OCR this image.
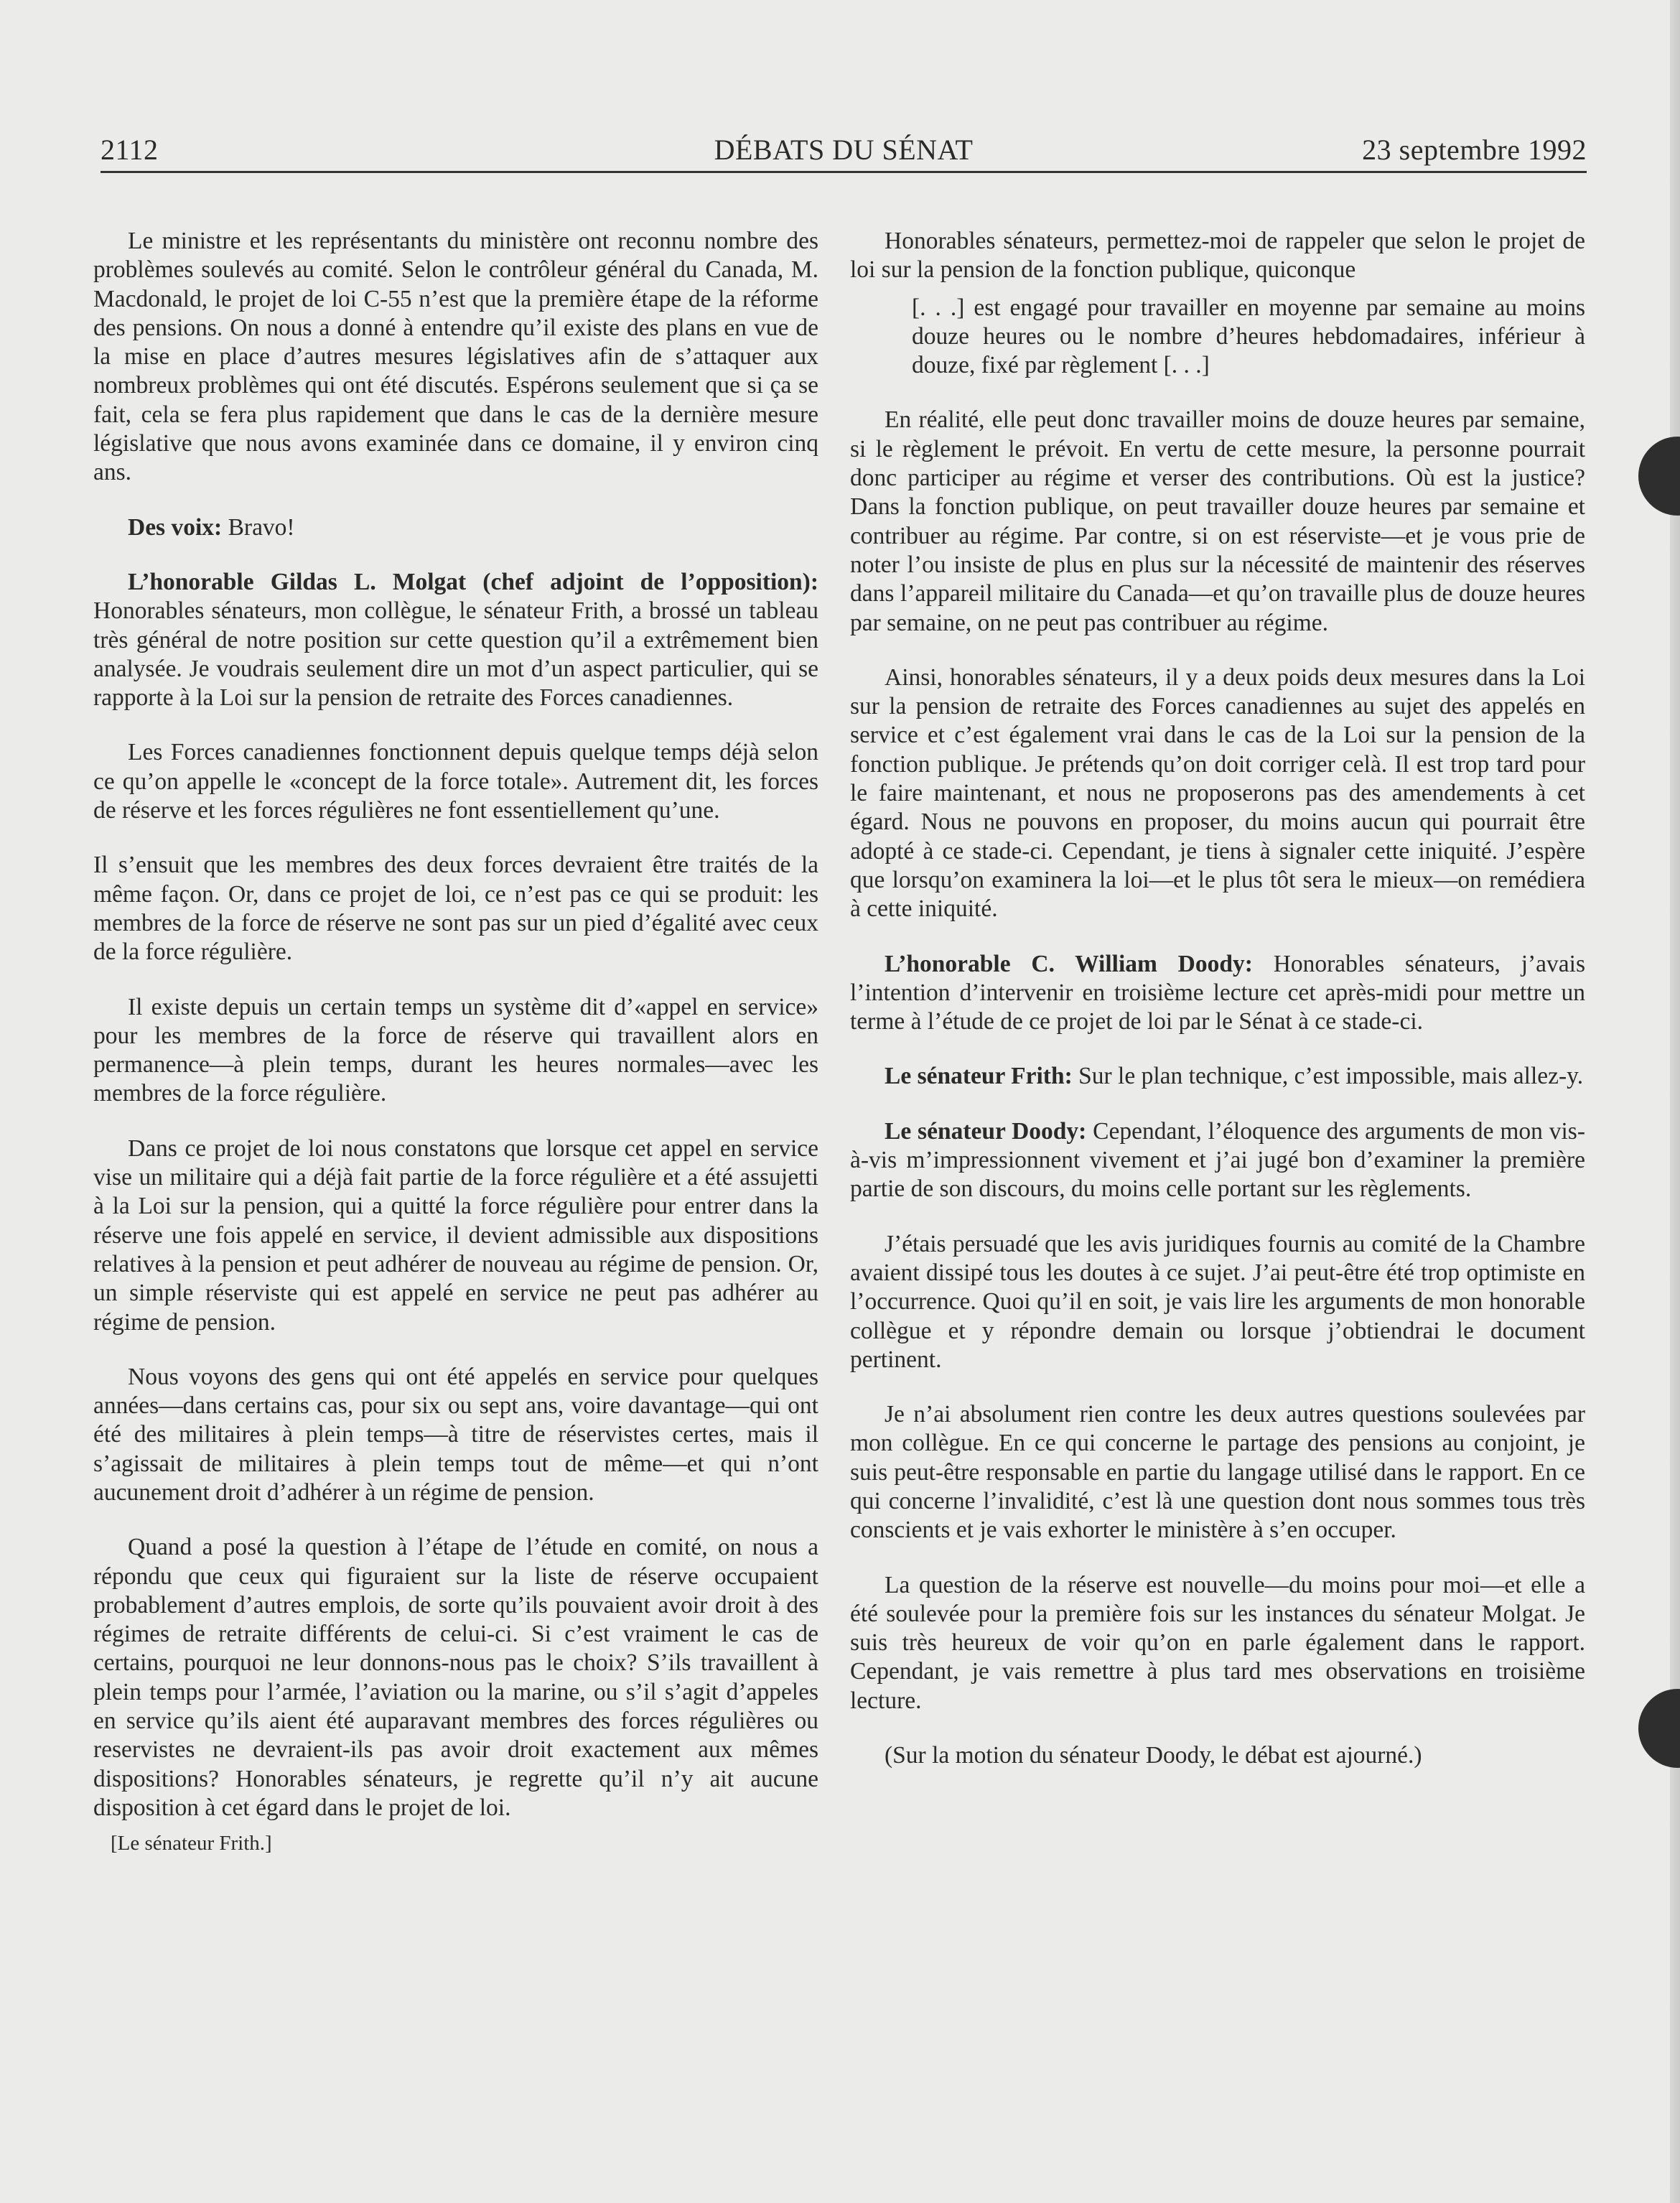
2112	DÉBATS DU SÉNAT	23 septembre 1992

Le ministre et les représentants du ministère ont reconnu nombre des problèmes soulevés au comité. Selon le contrôleur général du Canada, M. Macdonald, le projet de loi C-55 n’est que la première étape de la réforme des pensions. On nous a donné à entendre qu’il existe des plans en vue de la mise en place d’autres mesures législatives afin de s’attaquer aux nombreux problèmes qui ont été discutés. Espérons seulement que si ça se fait, cela se fera plus rapidement que dans le cas de la dernière mesure législative que nous avons examinée dans ce domaine, il y environ cinq ans.

Des voix: Bravo!

L’honorable Gildas L. Molgat (chef adjoint de l’opposition): Honorables sénateurs, mon collègue, le sénateur Frith, a brossé un tableau très général de notre position sur cette question qu’il a extrêmement bien analysée. Je voudrais seulement dire un mot d’un aspect particulier, qui se rapporte à la Loi sur la pension de retraite des Forces canadiennes.

Les Forces canadiennes fonctionnent depuis quelque temps déjà selon ce qu’on appelle le «concept de la force totale». Autrement dit, les forces de réserve et les forces régulières ne font essentiellement qu’une.

Il s’ensuit que les membres des deux forces devraient être traités de la même façon. Or, dans ce projet de loi, ce n’est pas ce qui se produit: les membres de la force de réserve ne sont pas sur un pied d’égalité avec ceux de la force régulière.

Il existe depuis un certain temps un système dit d’«appel en service» pour les membres de la force de réserve qui travaillent alors en permanence—à plein temps, durant les heures normales—avec les membres de la force régulière.

Dans ce projet de loi nous constatons que lorsque cet appel en service vise un militaire qui a déjà fait partie de la force régulière et a été assujetti à la Loi sur la pension, qui a quitté la force régulière pour entrer dans la réserve une fois appelé en service, il devient admissible aux dispositions relatives à la pension et peut adhérer de nouveau au régime de pension. Or, un simple réserviste qui est appelé en service ne peut pas adhérer au régime de pension.

Nous voyons des gens qui ont été appelés en service pour quelques années—dans certains cas, pour six ou sept ans, voire davantage—qui ont été des militaires à plein temps—à titre de réservistes certes, mais il s’agissait de militaires à plein temps tout de même—et qui n’ont aucunement droit d’adhérer à un régime de pension.

Quand a posé la question à l’étape de l’étude en comité, on nous a répondu que ceux qui figuraient sur la liste de réserve occupaient probablement d’autres emplois, de sorte qu’ils pouvaient avoir droit à des régimes de retraite différents de celui-ci. Si c’est vraiment le cas de certains, pourquoi ne leur donnons-nous pas le choix? S’ils travaillent à plein temps pour l’armée, l’aviation ou la marine, ou s’il s’agit d’appeles en service qu’ils aient été auparavant membres des forces régulières ou reservistes ne devraient-ils pas avoir droit exactement aux mêmes dispositions? Honorables sénateurs, je regrette qu’il n’y ait aucune disposition à cet égard dans le projet de loi.

[Le sénateur Frith.]

Honorables sénateurs, permettez-moi de rappeler que selon le projet de loi sur la pension de la fonction publique, quiconque

[. . .] est engagé pour travailler en moyenne par semaine au moins douze heures ou le nombre d’heures hebdomadaires, inférieur à douze, fixé par règlement [. . .]

En réalité, elle peut donc travailler moins de douze heures par semaine, si le règlement le prévoit. En vertu de cette mesure, la personne pourrait donc participer au régime et verser des contributions. Où est la justice? Dans la fonction publique, on peut travailler douze heures par semaine et contribuer au régime. Par contre, si on est réserviste—et je vous prie de noter l’ou insiste de plus en plus sur la nécessité de maintenir des réserves dans l’appareil militaire du Canada—et qu’on travaille plus de douze heures par semaine, on ne peut pas contribuer au régime.

Ainsi, honorables sénateurs, il y a deux poids deux mesures dans la Loi sur la pension de retraite des Forces canadiennes au sujet des appelés en service et c’est également vrai dans le cas de la Loi sur la pension de la fonction publique. Je prétends qu’on doit corriger celà. Il est trop tard pour le faire maintenant, et nous ne proposerons pas des amendements à cet égard. Nous ne pouvons en proposer, du moins aucun qui pourrait être adopté à ce stade-ci. Cependant, je tiens à signaler cette iniquité. J’espère que lorsqu’on examinera la loi—et le plus tôt sera le mieux—on remédiera à cette iniquité.

L’honorable C. William Doody: Honorables sénateurs, j’avais l’intention d’intervenir en troisième lecture cet après-midi pour mettre un terme à l’étude de ce projet de loi par le Sénat à ce stade-ci.

Le sénateur Frith: Sur le plan technique, c’est impossible, mais allez-y.

Le sénateur Doody: Cependant, l’éloquence des arguments de mon vis-à-vis m’impressionnent vivement et j’ai jugé bon d’examiner la première partie de son discours, du moins celle portant sur les règlements.

J’étais persuadé que les avis juridiques fournis au comité de la Chambre avaient dissipé tous les doutes à ce sujet. J’ai peut-être été trop optimiste en l’occurrence. Quoi qu’il en soit, je vais lire les arguments de mon honorable collègue et y répondre demain ou lorsque j’obtiendrai le document pertinent.

Je n’ai absolument rien contre les deux autres questions soulevées par mon collègue. En ce qui concerne le partage des pensions au conjoint, je suis peut-être responsable en partie du langage utilisé dans le rapport. En ce qui concerne l’invalidité, c’est là une question dont nous sommes tous très conscients et je vais exhorter le ministère à s’en occuper.

La question de la réserve est nouvelle—du moins pour moi—et elle a été soulevée pour la première fois sur les instances du sénateur Molgat. Je suis très heureux de voir qu’on en parle également dans le rapport. Cependant, je vais remettre à plus tard mes observations en troisième lecture.

(Sur la motion du sénateur Doody, le débat est ajourné.)
